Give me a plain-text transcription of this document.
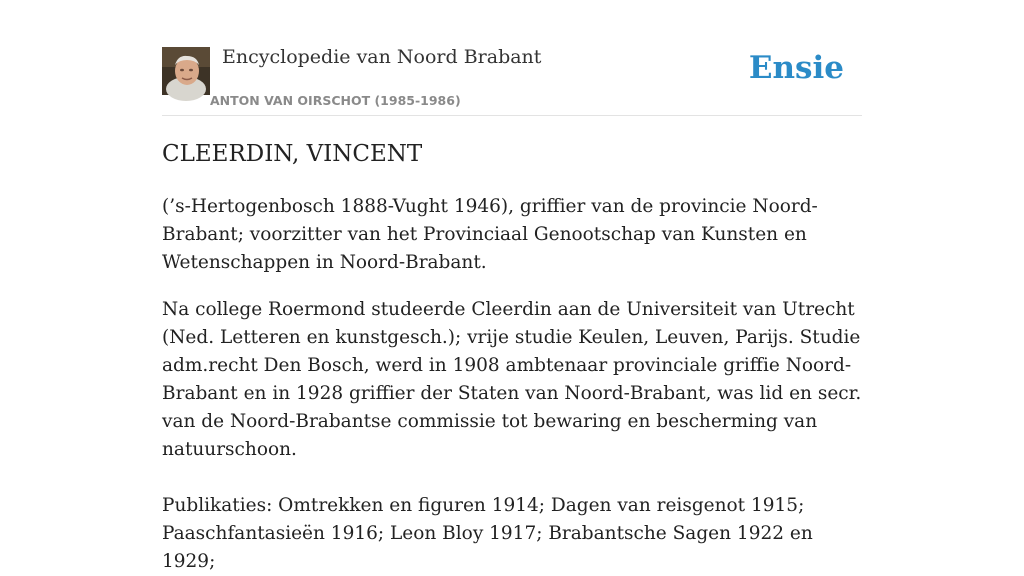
Encyclopedie van Noord Brabant
ANTON VAN OIRSCHOT (1985-1986)
Ensie
CLEERDIN, VINCENT

(’s-Hertogenbosch 1888-Vught 1946), griffier van de provincie Noord-Brabant; voorzitter van het Provinciaal Genootschap van Kunsten en Wetenschappen in Noord-Brabant.

Na college Roermond studeerde Cleerdin aan de Universiteit van Utrecht (Ned. Letteren en kunstgesch.); vrije studie Keulen, Leuven, Parijs. Studie adm.recht Den Bosch, werd in 1908 ambtenaar provinciale griffie Noord-Brabant en in 1928 griffier der Staten van Noord-Brabant, was lid en secr. van de Noord-Brabantse commissie tot bewaring en bescherming van natuurschoon.

Publikaties: Omtrekken en figuren 1914; Dagen van reisgenot 1915; Paaschfantasieën 1916; Leon Bloy 1917; Brabantsche Sagen 1922 en 1929;
